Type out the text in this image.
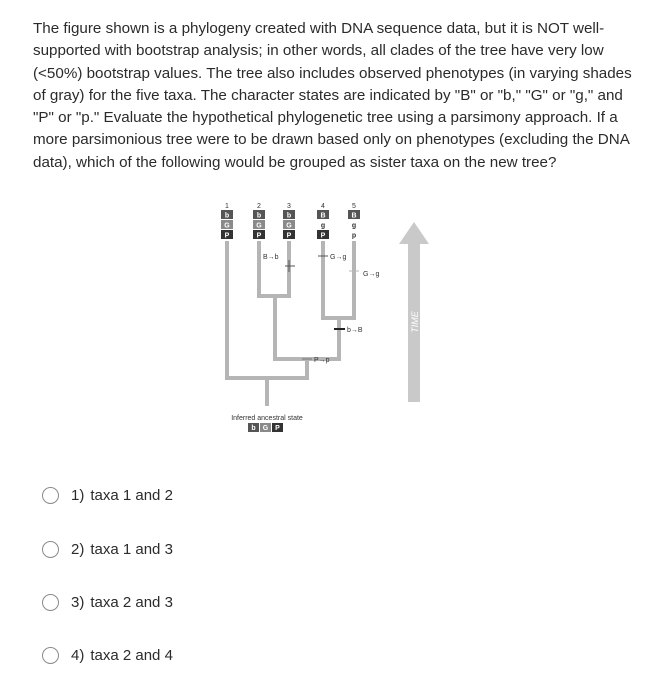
The figure shown is a phylogeny created with DNA sequence data, but it is NOT well-supported with bootstrap analysis; in other words, all clades of the tree have very low (<50%) bootstrap values. The tree also includes observed phenotypes (in varying shades of gray) for the five taxa. The character states are indicated by "B" or "b," "G" or "g," and "P" or "p." Evaluate the hypothetical phylogenetic tree using a parsimony approach. If a more parsimonious tree were to be drawn based only on phenotypes (excluding the DNA data), which of the following would be grouped as sister taxa on the new tree?

1	2	3	4	5
b
G
P
b
G
P
b
G
P
B
g
P
B
g
p
B→b	G→g
G→g
b→B
P→p
Inferred ancestral state
b G P
TIME
1) taxa 1 and 2
2) taxa 1 and 3
3) taxa 2 and 3
4) taxa 2 and 4
